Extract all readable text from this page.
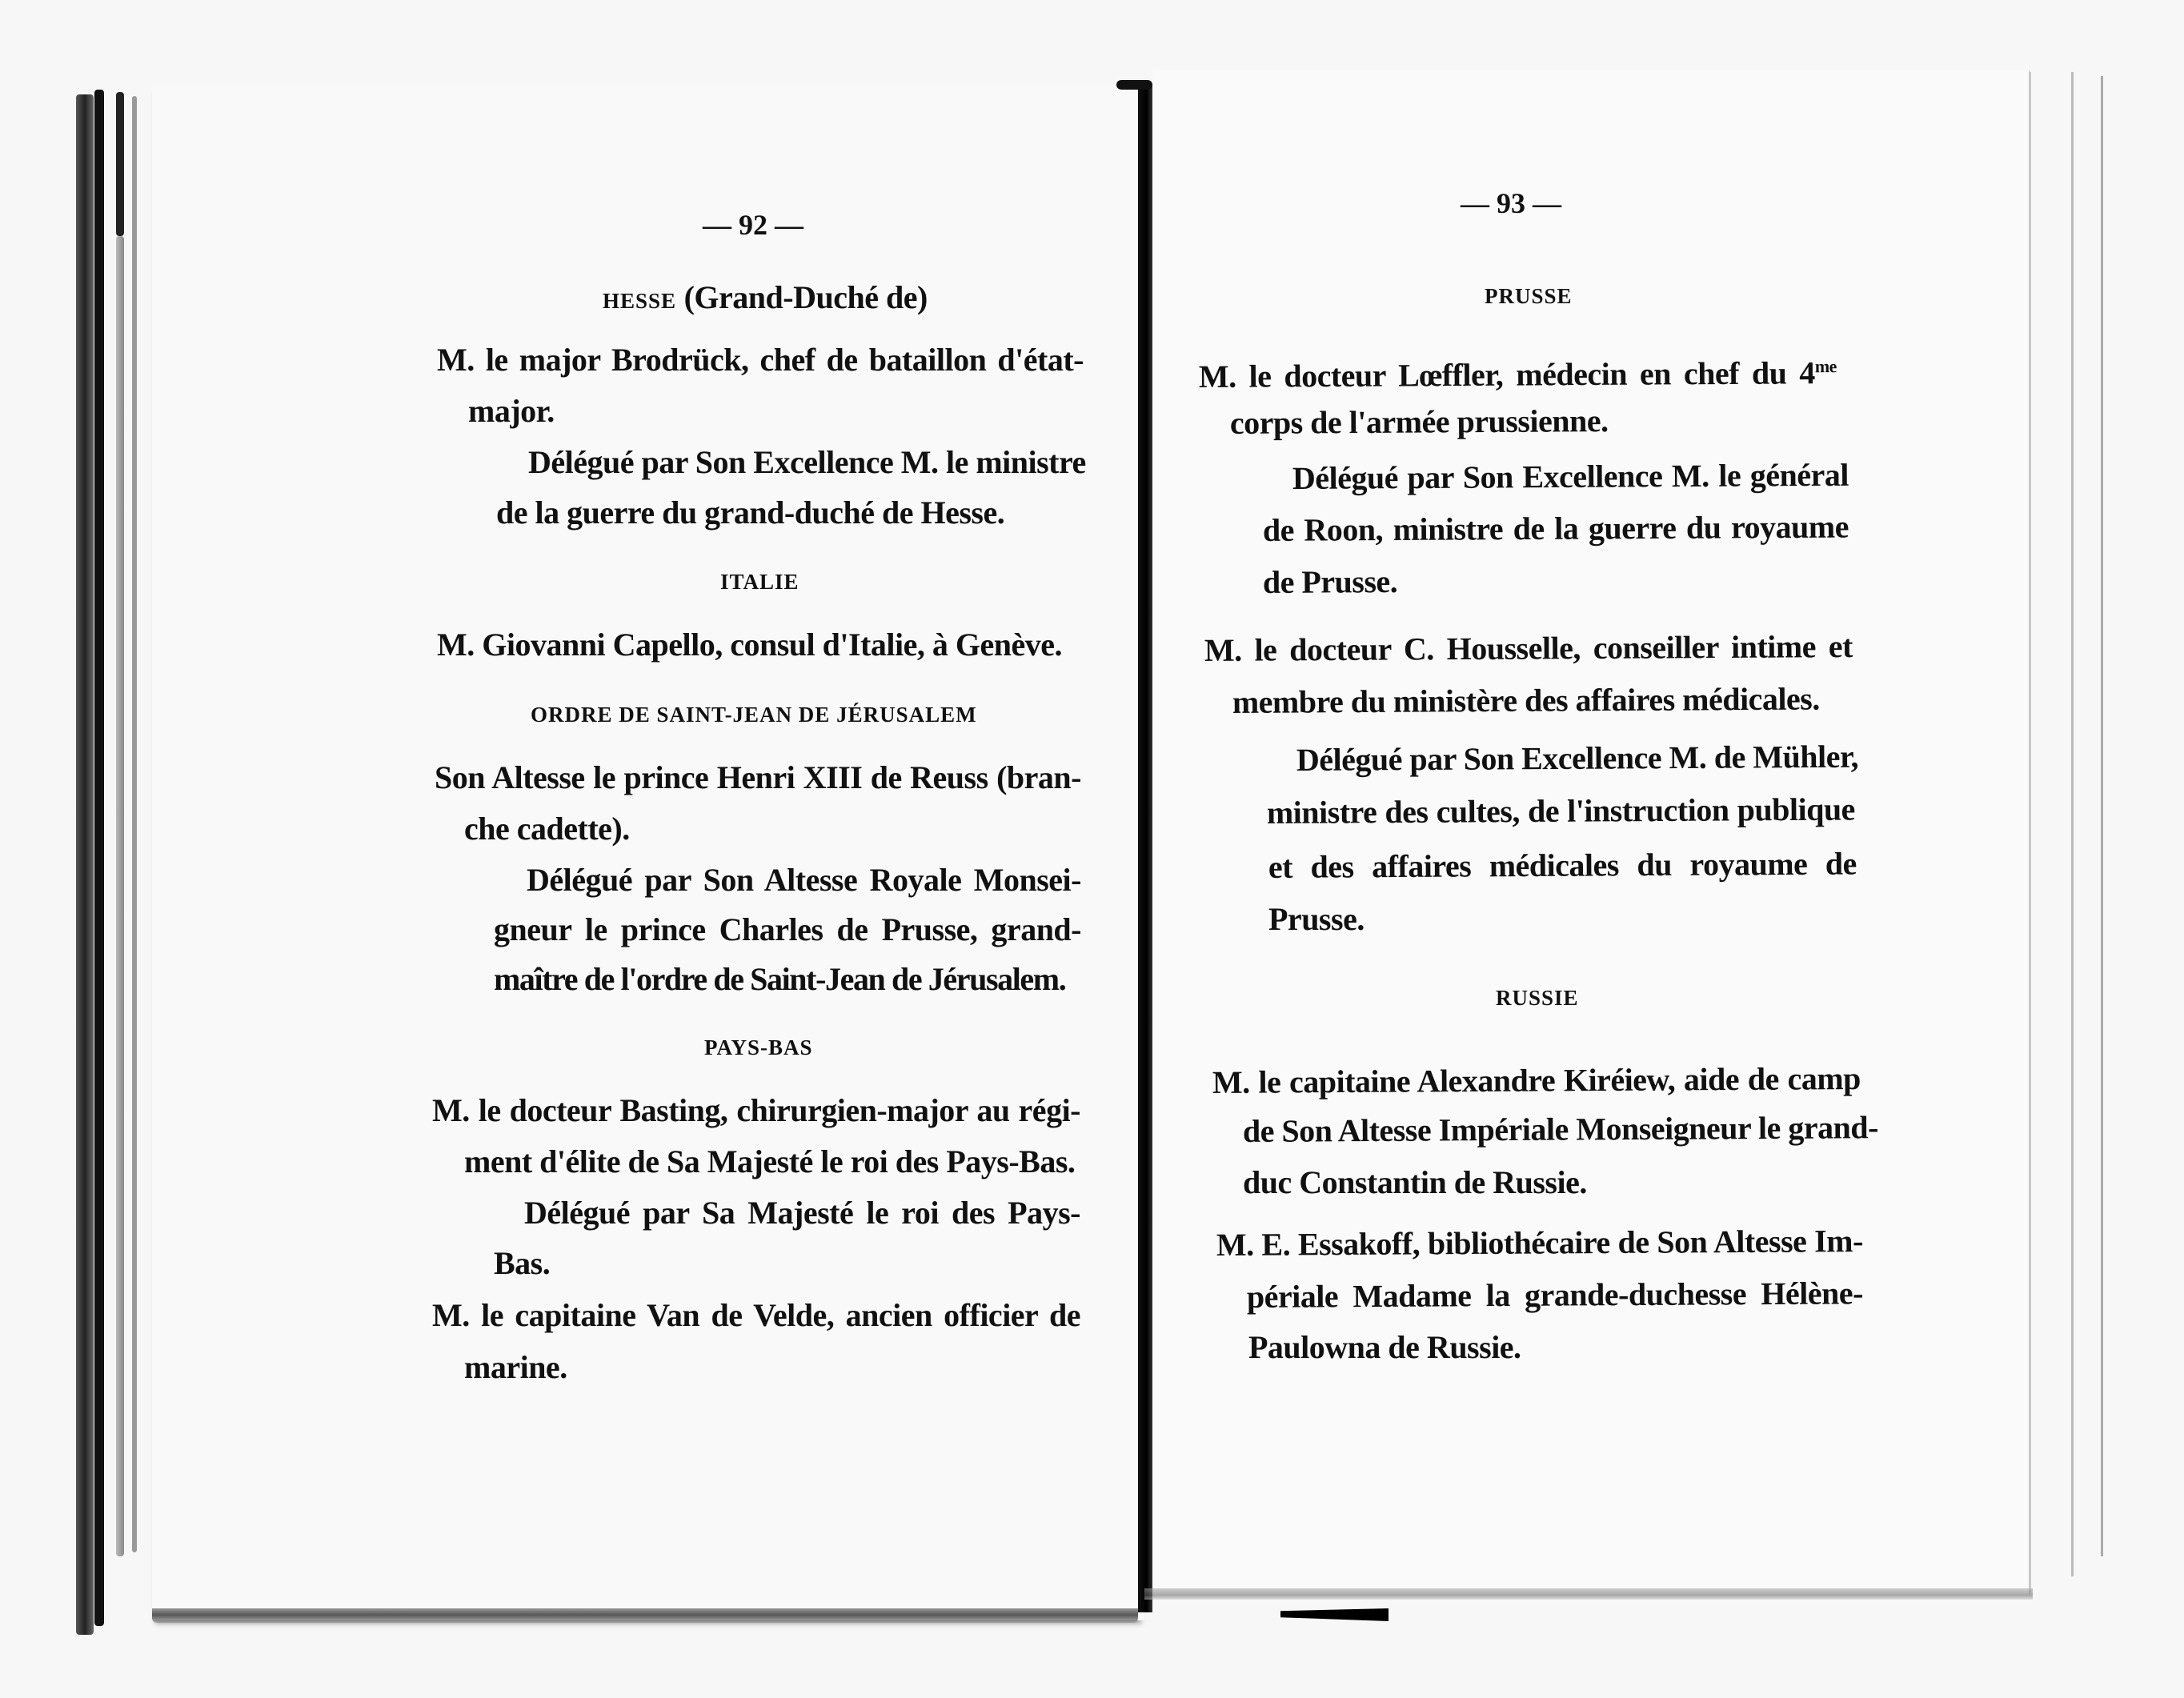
— 92 —
HESSE (Grand-Duché de)
M. le major Brodrück, chef de bataillon d'état-
major.
Délégué par Son Excellence M. le ministre
de la guerre du grand-duché de Hesse.
ITALIE
M. Giovanni Capello, consul d'Italie, à Genève.
ORDRE DE SAINT-JEAN DE JÉRUSALEM
Son Altesse le prince Henri XIII de Reuss (bran-
che cadette).
Délégué par Son Altesse Royale Monsei-
gneur le prince Charles de Prusse, grand-
maître de l'ordre de Saint-Jean de Jérusalem.
PAYS-BAS
M. le docteur Basting, chirurgien-major au régi-
ment d'élite de Sa Majesté le roi des Pays-Bas.
Délégué par Sa Majesté le roi des Pays-
Bas.
M. le capitaine Van de Velde, ancien officier de
marine.
— 93 —
PRUSSE
M. le docteur Lœffler, médecin en chef du $4^{me}$
corps de l'armée prussienne.
Délégué par Son Excellence M. le général
de Roon, ministre de la guerre du royaume
de Prusse.
M. le docteur C. Housselle, conseiller intime et
membre du ministère des affaires médicales.
Délégué par Son Excellence M. de Mühler,
ministre des cultes, de l'instruction publique
et des affaires médicales du royaume de
Prusse.
RUSSIE
M. le capitaine Alexandre Kiréiew, aide de camp
de Son Altesse Impériale Monseigneur le grand-
duc Constantin de Russie.
M. E. Essakoff, bibliothécaire de Son Altesse Im-
périale Madame la grande-duchesse Hélène-
Paulowna de Russie.
